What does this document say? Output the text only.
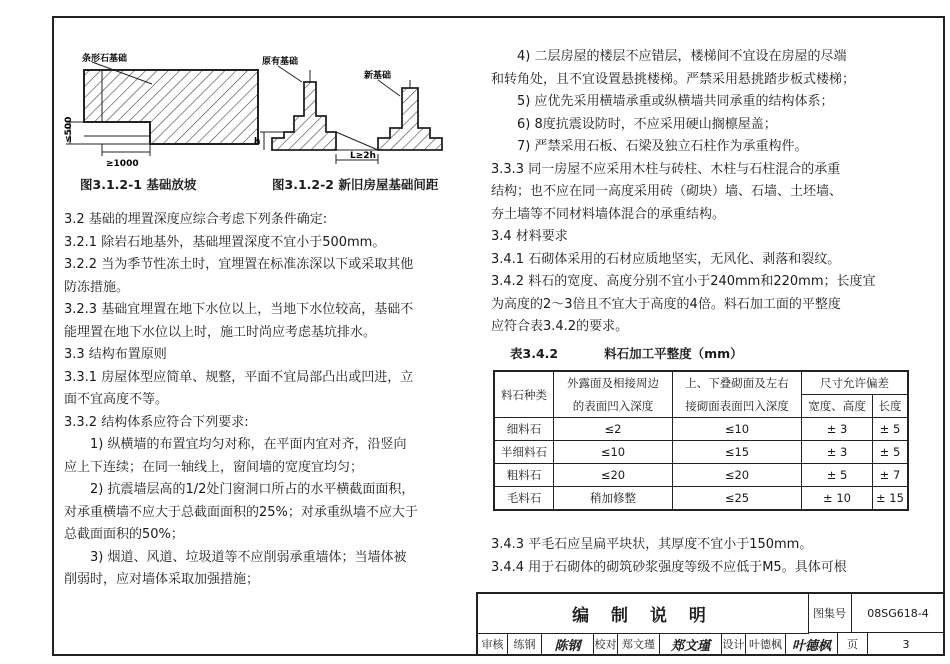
条形石基础
≤500
≥1000
原有基础
新基础
h
L≥2h
图3.1.2-1 基础放坡	图3.1.2-2 新旧房屋基础间距

3.2 基础的埋置深度应综合考虑下列条件确定:

3.2.1 除岩石地基外，基础埋置深度不宜小于500mm。

3.2.2 当为季节性冻土时，宜埋置在标准冻深以下或采取其他

防冻措施。

3.2.3 基础宜埋置在地下水位以上，当地下水位较高，基础不

能埋置在地下水位以上时，施工时尚应考虑基坑排水。

3.3 结构布置原则

3.3.1 房屋体型应简单、规整，平面不宜局部凸出或凹进，立

面不宜高度不等。

3.3.2 结构体系应符合下列要求:

1) 纵横墙的布置宜均匀对称，在平面内宜对齐，沿竖向

应上下连续；在同一轴线上，窗间墙的宽度宜均匀；

2) 抗震墙层高的1/2处门窗洞口所占的水平横截面面积，

对承重横墙不应大于总截面面积的25%；对承重纵墙不应大于

总截面面积的50%；

3) 烟道、风道、垃圾道等不应削弱承重墙体；当墙体被

削弱时，应对墙体采取加强措施；

4) 二层房屋的楼层不应错层，楼梯间不宜设在房屋的尽端

和转角处，且不宜设置悬挑楼梯。严禁采用悬挑踏步板式楼梯；

5) 应优先采用横墙承重或纵横墙共同承重的结构体系；

6) 8度抗震设防时，不应采用硬山搁檩屋盖；

7) 严禁采用石板、石梁及独立石柱作为承重构件。

3.3.3 同一房屋不应采用木柱与砖柱、木柱与石柱混合的承重

结构；也不应在同一高度采用砖（砌块）墙、石墙、土坯墙、

夯土墙等不同材料墙体混合的承重结构。

3.4 材料要求

3.4.1 石砌体采用的石材应质地坚实，无风化、剥落和裂纹。

3.4.2 料石的宽度、高度分别不宜小于240mm和220mm；长度宜

为高度的2～3倍且不宜大于高度的4倍。料石加工面的平整度

应符合表3.4.2的要求。

表3.4.2	料石加工平整度（mm）
料石种类	外露面及相接周边	上、下叠砌面及左右	尺寸允许偏差	
	的表面凹入深度	接砌面表面凹入深度	宽度、高度	长度
细料石	≤2	≤10	± 3	± 5
半细料石	≤10	≤15	± 3	± 5
粗料石	≤20	≤20	± 5	± 7
毛料石	稍加修整	≤25	± 10	± 15

3.4.3 平毛石应呈扁平块状，其厚度不宜小于150mm。

3.4.4 用于石砌体的砌筑砂浆强度等级不应低于M5。具体可根

编 制 说 明	图集号	08SG618-4
审核 练钢	陈钢	校对 郑文瑾	郑文瑾	设计 叶德枫 叶德枫	页	3
